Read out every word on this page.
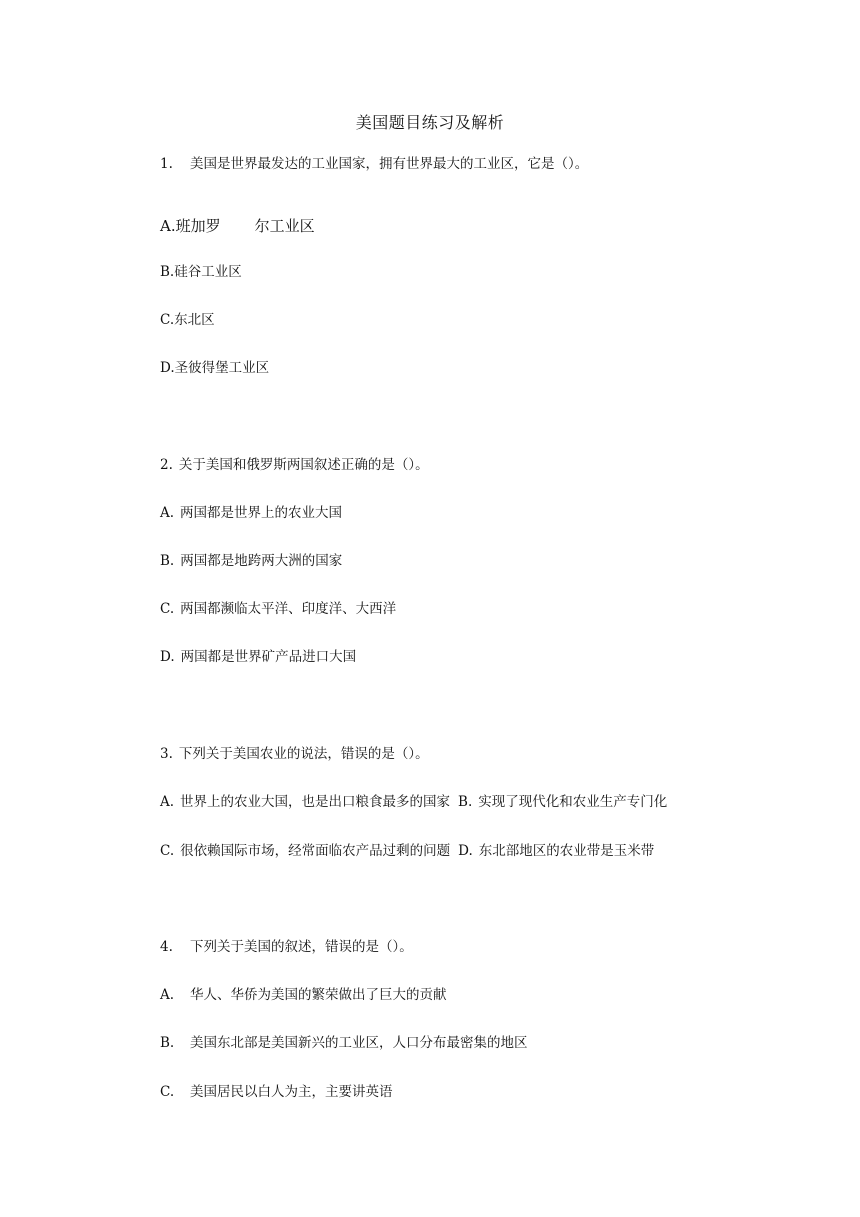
美国题目练习及解析
1. 美国是世界最发达的工业国家，拥有世界最大的工业区，它是（）。
A.班加罗 尔工业区
B.硅谷工业区
C.东北区
D.圣彼得堡工业区
2. 关于美国和俄罗斯两国叙述正确的是（）。
A. 两国都是世界上的农业大国
B. 两国都是地跨两大洲的国家
C. 两国都濒临太平洋、印度洋、大西洋
D. 两国都是世界矿产品进口大国
3. 下列关于美国农业的说法，错误的是（）。
A. 世界上的农业大国，也是出口粮食最多的国家 B. 实现了现代化和农业生产专门化
C. 很依赖国际市场，经常面临农产品过剩的问题 D. 东北部地区的农业带是玉米带
4. 下列关于美国的叙述，错误的是（）。
A. 华人、华侨为美国的繁荣做出了巨大的贡献
B. 美国东北部是美国新兴的工业区，人口分布最密集的地区
C. 美国居民以白人为主，主要讲英语
